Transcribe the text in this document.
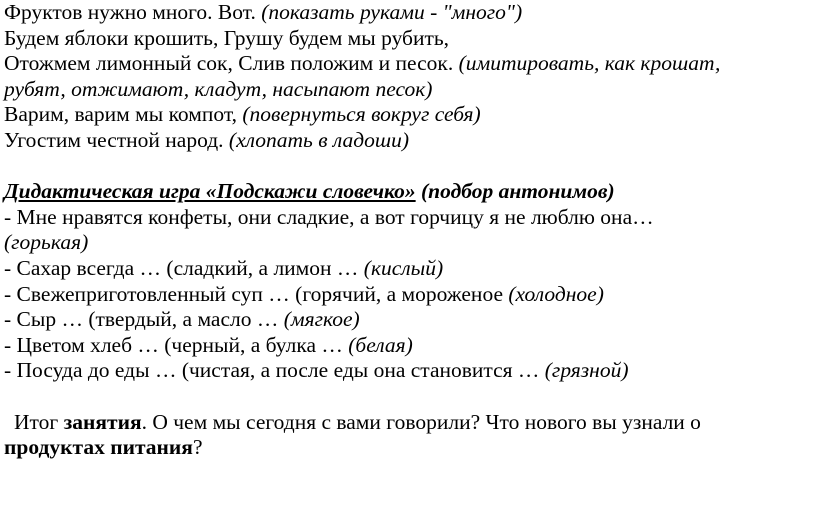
Фруктов нужно много. Вот. (показать руками - "много")
Будем яблоки крошить, Грушу будем мы рубить,
Отожмем лимонный сок, Слив положим и песок. (имитировать, как крошат,
рубят, отжимают, кладут, насыпают песок)
Варим, варим мы компот, (повернуться вокруг себя)
Угостим честной народ. (хлопать в ладоши)
Дидактическая игра «Подскажи словечко» (подбор антонимов)
- Мне нравятся конфеты, они сладкие, а вот горчицу я не люблю она…
(горькая)
- Сахар всегда … (сладкий, а лимон … (кислый)
- Свежеприготовленный суп … (горячий, а мороженое (холодное)
- Сыр … (твердый, а масло … (мягкое)
- Цветом хлеб … (черный, а булка … (белая)
- Посуда до еды … (чистая, а после еды она становится … (грязной)
Итог занятия. О чем мы сегодня с вами говорили? Что нового вы узнали о
продуктах питания?
